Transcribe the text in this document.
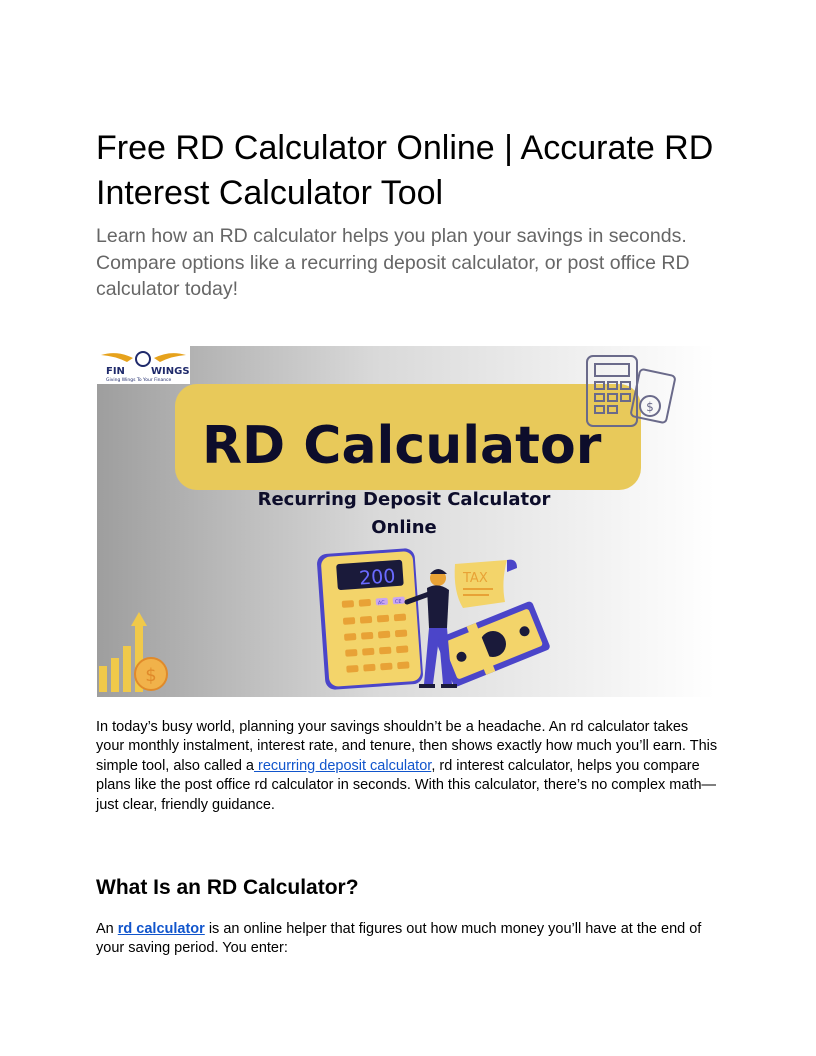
Free RD Calculator Online | Accurate RD Interest Calculator Tool

Learn how an RD calculator helps you plan your savings in seconds. Compare options like a recurring deposit calculator, or post office RD calculator today!

FIN	WINGS
Giving Wings To Your Finance
RD Calculator
Recurring Deposit Calculator
Online
$
$
200
AC CE
TAX

In today’s busy world, planning your savings shouldn’t be a headache. An rd calculator takes your monthly instalment, interest rate, and tenure, then shows exactly how much you’ll earn. This simple tool, also called a recurring deposit calculator, rd interest calculator, helps you compare plans like the post office rd calculator in seconds. With this calculator, there’s no complex math—just clear, friendly guidance.

What Is an RD Calculator?

An rd calculator is an online helper that figures out how much money you’ll have at the end of your saving period. You enter:
